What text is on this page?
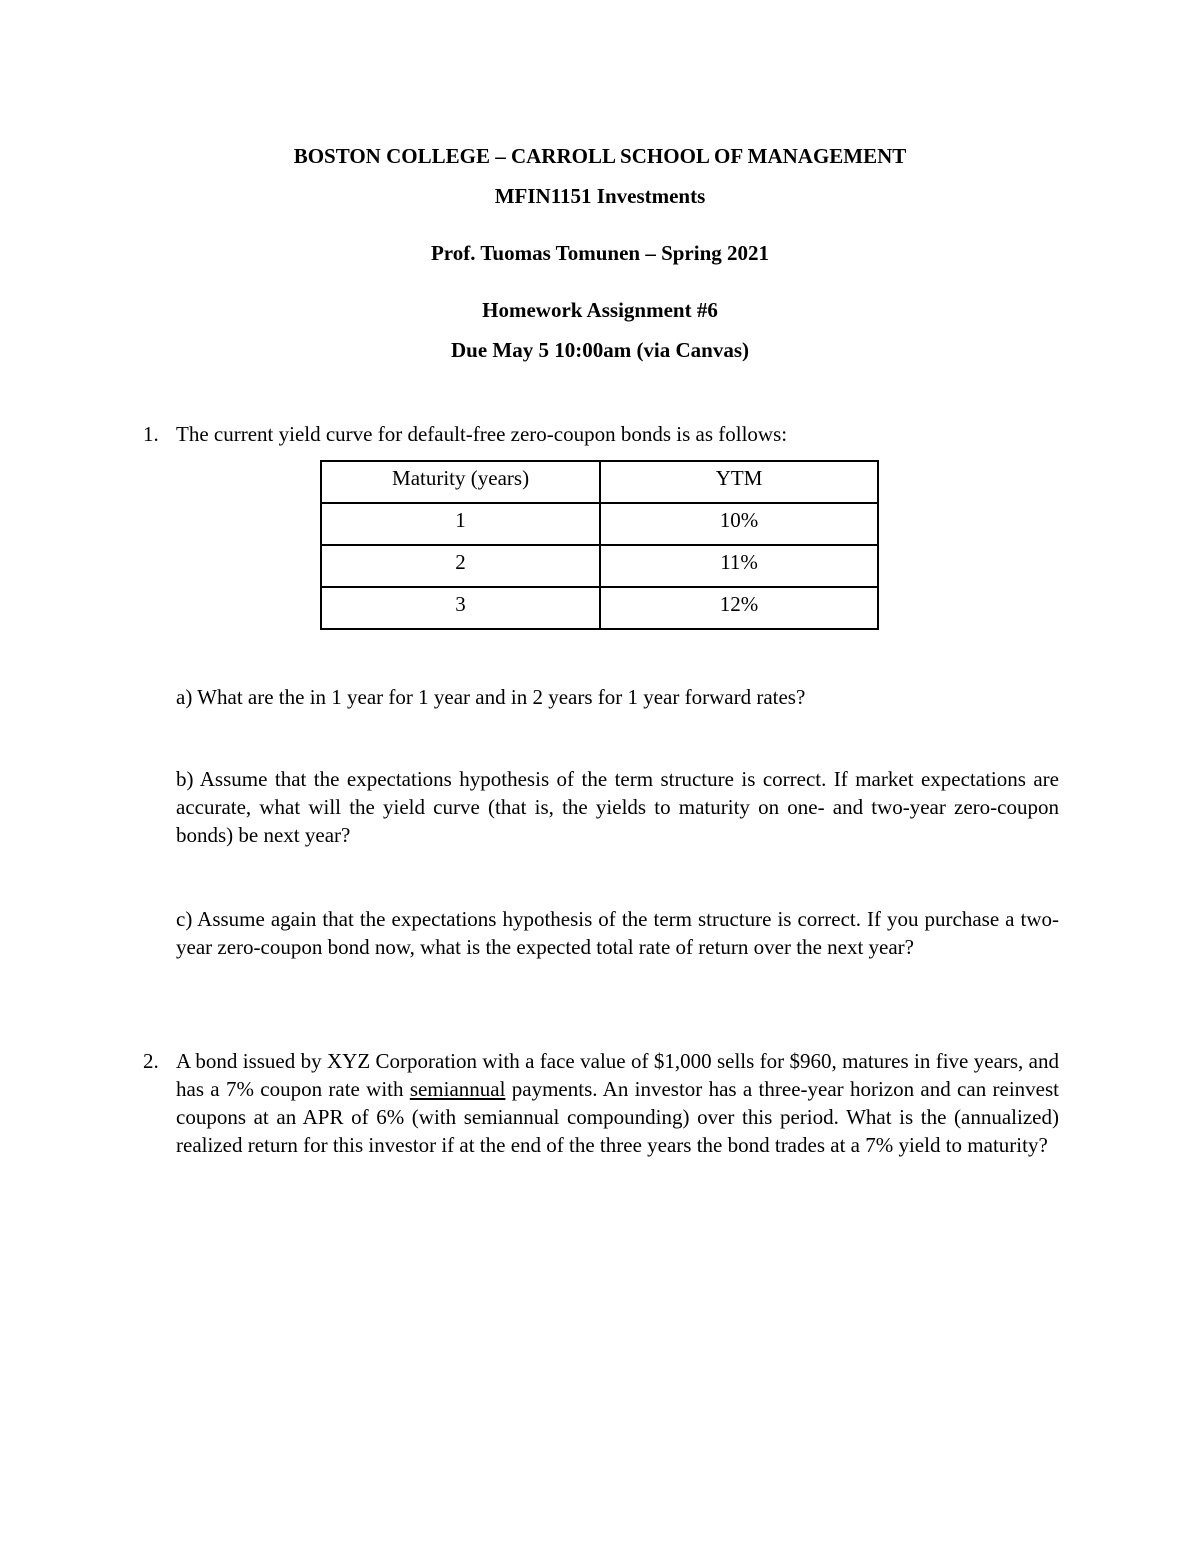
BOSTON COLLEGE – CARROLL SCHOOL OF MANAGEMENT
MFIN1151 Investments
Prof. Tuomas Tomunen – Spring 2021
Homework Assignment #6
Due May 5 10:00am (via Canvas)
1. The current yield curve for default-free zero-coupon bonds is as follows:
Maturity (years)	YTM
1	10%
2	11%
3	12%
a) What are the in 1 year for 1 year and in 2 years for 1 year forward rates?
b) Assume that the expectations hypothesis of the term structure is correct. If market expectations are accurate, what will the yield curve (that is, the yields to maturity on one- and two-year zero-coupon bonds) be next year?
c) Assume again that the expectations hypothesis of the term structure is correct. If you purchase a two-year zero-coupon bond now, what is the expected total rate of return over the next year?
2. A bond issued by XYZ Corporation with a face value of $1,000 sells for $960, matures in five years, and has a 7% coupon rate with semiannual payments. An investor has a three-year horizon and can reinvest coupons at an APR of 6% (with semiannual compounding) over this period. What is the (annualized) realized return for this investor if at the end of the three years the bond trades at a 7% yield to maturity?
